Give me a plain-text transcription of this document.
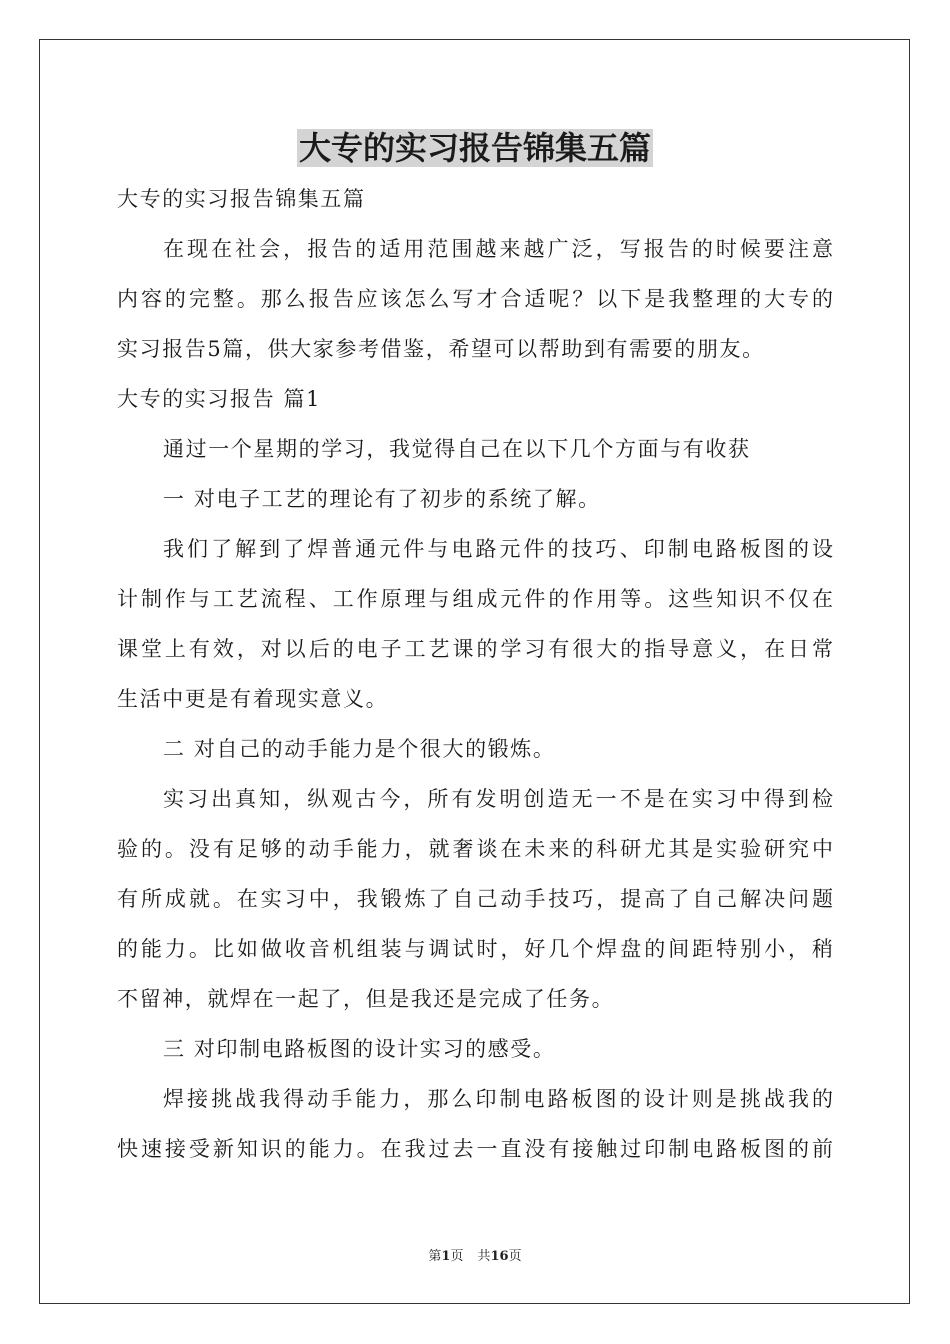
大专的实习报告锦集五篇
大专的实习报告锦集五篇
在现在社会，报告的适用范围越来越广泛，写报告的时候要注意
内容的完整。那么报告应该怎么写才合适呢？以下是我整理的大专的
实习报告5篇，供大家参考借鉴，希望可以帮助到有需要的朋友。
大专的实习报告 篇1
通过一个星期的学习，我觉得自己在以下几个方面与有收获
一 对电子工艺的理论有了初步的系统了解。
我们了解到了焊普通元件与电路元件的技巧、印制电路板图的设
计制作与工艺流程、工作原理与组成元件的作用等。这些知识不仅在
课堂上有效，对以后的电子工艺课的学习有很大的指导意义，在日常
生活中更是有着现实意义。
二 对自己的动手能力是个很大的锻炼。
实习出真知，纵观古今，所有发明创造无一不是在实习中得到检
验的。没有足够的动手能力，就奢谈在未来的科研尤其是实验研究中
有所成就。在实习中，我锻炼了自己动手技巧，提高了自己解决问题
的能力。比如做收音机组装与调试时，好几个焊盘的间距特别小，稍
不留神，就焊在一起了，但是我还是完成了任务。
三 对印制电路板图的设计实习的感受。
焊接挑战我得动手能力，那么印制电路板图的设计则是挑战我的
快速接受新知识的能力。在我过去一直没有接触过印制电路板图的前
第1页 共16页
